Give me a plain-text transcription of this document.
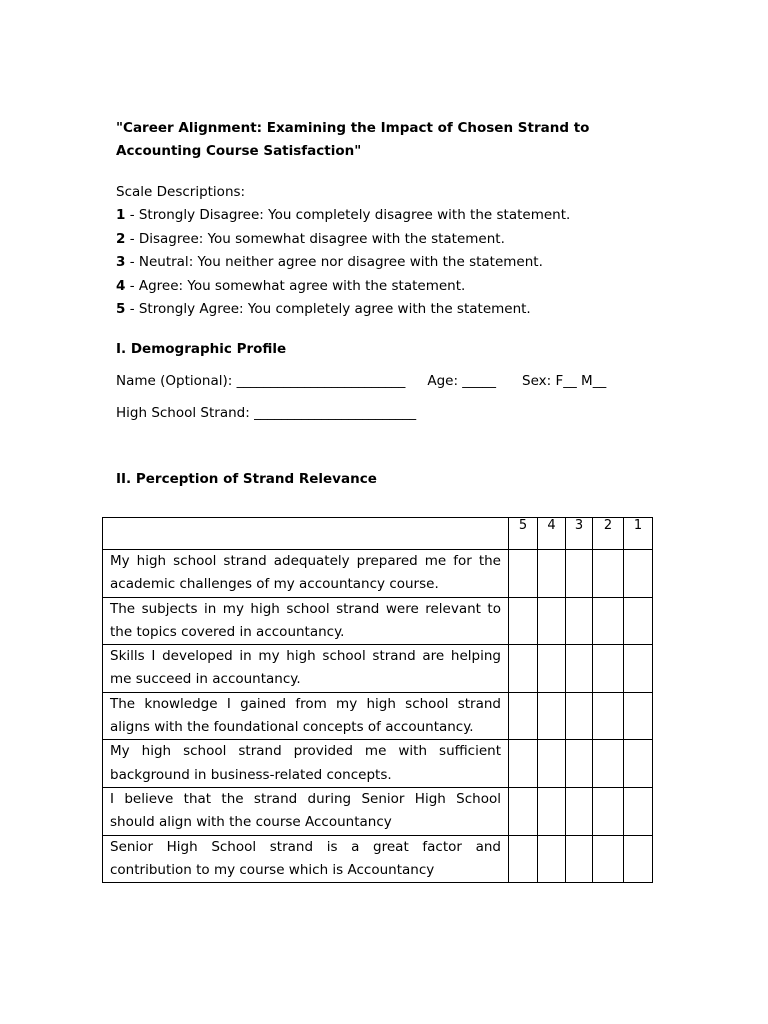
"Career Alignment: Examining the Impact of Chosen Strand to Accounting Course Satisfaction"
Scale Descriptions:
1 - Strongly Disagree: You completely disagree with the statement.
2 - Disagree: You somewhat disagree with the statement.
3 - Neutral: You neither agree nor disagree with the statement.
4 - Agree: You somewhat agree with the statement.
5 - Strongly Agree: You completely agree with the statement.
I. Demographic Profile
Name (Optional): _________________________ Age: _____ Sex: F__ M__
High School Strand: ________________________
II. Perception of Strand Relevance
	5	4	3	2	1
My high school strand adequately prepared me for the academic challenges of my accountancy course.	

The subjects in my high school strand were relevant to the topics covered in accountancy.	

Skills I developed in my high school strand are helping me succeed in accountancy.	

The knowledge I gained from my high school strand aligns with the foundational concepts of accountancy.	

My high school strand provided me with sufficient background in business-related concepts.	

I believe that the strand during Senior High School should align with the course Accountancy	

Senior High School strand is a great factor and contribution to my course which is Accountancy	
